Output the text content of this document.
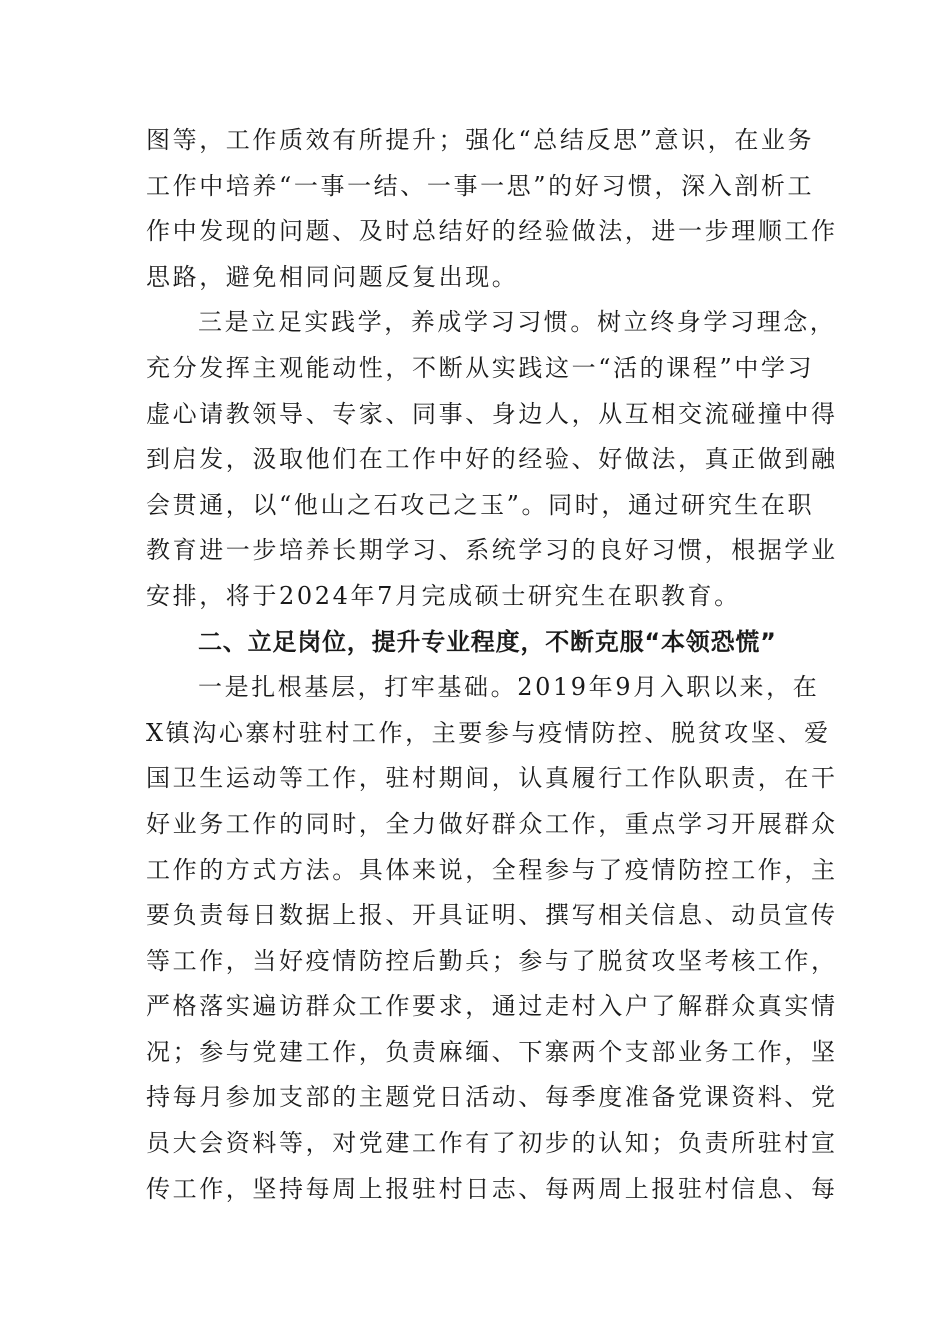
图等，工作质效有所提升；强化“总结反思”意识，在业务
工作中培养“一事一结、一事一思”的好习惯，深入剖析工
作中发现的问题、及时总结好的经验做法，进一步理顺工作
思路，避免相同问题反复出现。
三是立足实践学，养成学习习惯。树立终身学习理念，
充分发挥主观能动性，不断从实践这一“活的课程”中学习
虚心请教领导、专家、同事、身边人，从互相交流碰撞中得
到启发，汲取他们在工作中好的经验、好做法，真正做到融
会贯通，以“他山之石攻己之玉”。同时，通过研究生在职
教育进一步培养长期学习、系统学习的良好习惯，根据学业
安排，将于2024年7月完成硕士研究生在职教育。
二、立足岗位，提升专业程度，不断克服“本领恐慌”
一是扎根基层，打牢基础。2019年9月入职以来，在
X镇沟心寨村驻村工作，主要参与疫情防控、脱贫攻坚、爱
国卫生运动等工作，驻村期间，认真履行工作队职责，在干
好业务工作的同时，全力做好群众工作，重点学习开展群众
工作的方式方法。具体来说，全程参与了疫情防控工作，主
要负责每日数据上报、开具证明、撰写相关信息、动员宣传
等工作，当好疫情防控后勤兵；参与了脱贫攻坚考核工作，
严格落实遍访群众工作要求，通过走村入户了解群众真实情
况；参与党建工作，负责麻缅、下寨两个支部业务工作，坚
持每月参加支部的主题党日活动、每季度准备党课资料、党
员大会资料等，对党建工作有了初步的认知；负责所驻村宣
传工作，坚持每周上报驻村日志、每两周上报驻村信息、每
